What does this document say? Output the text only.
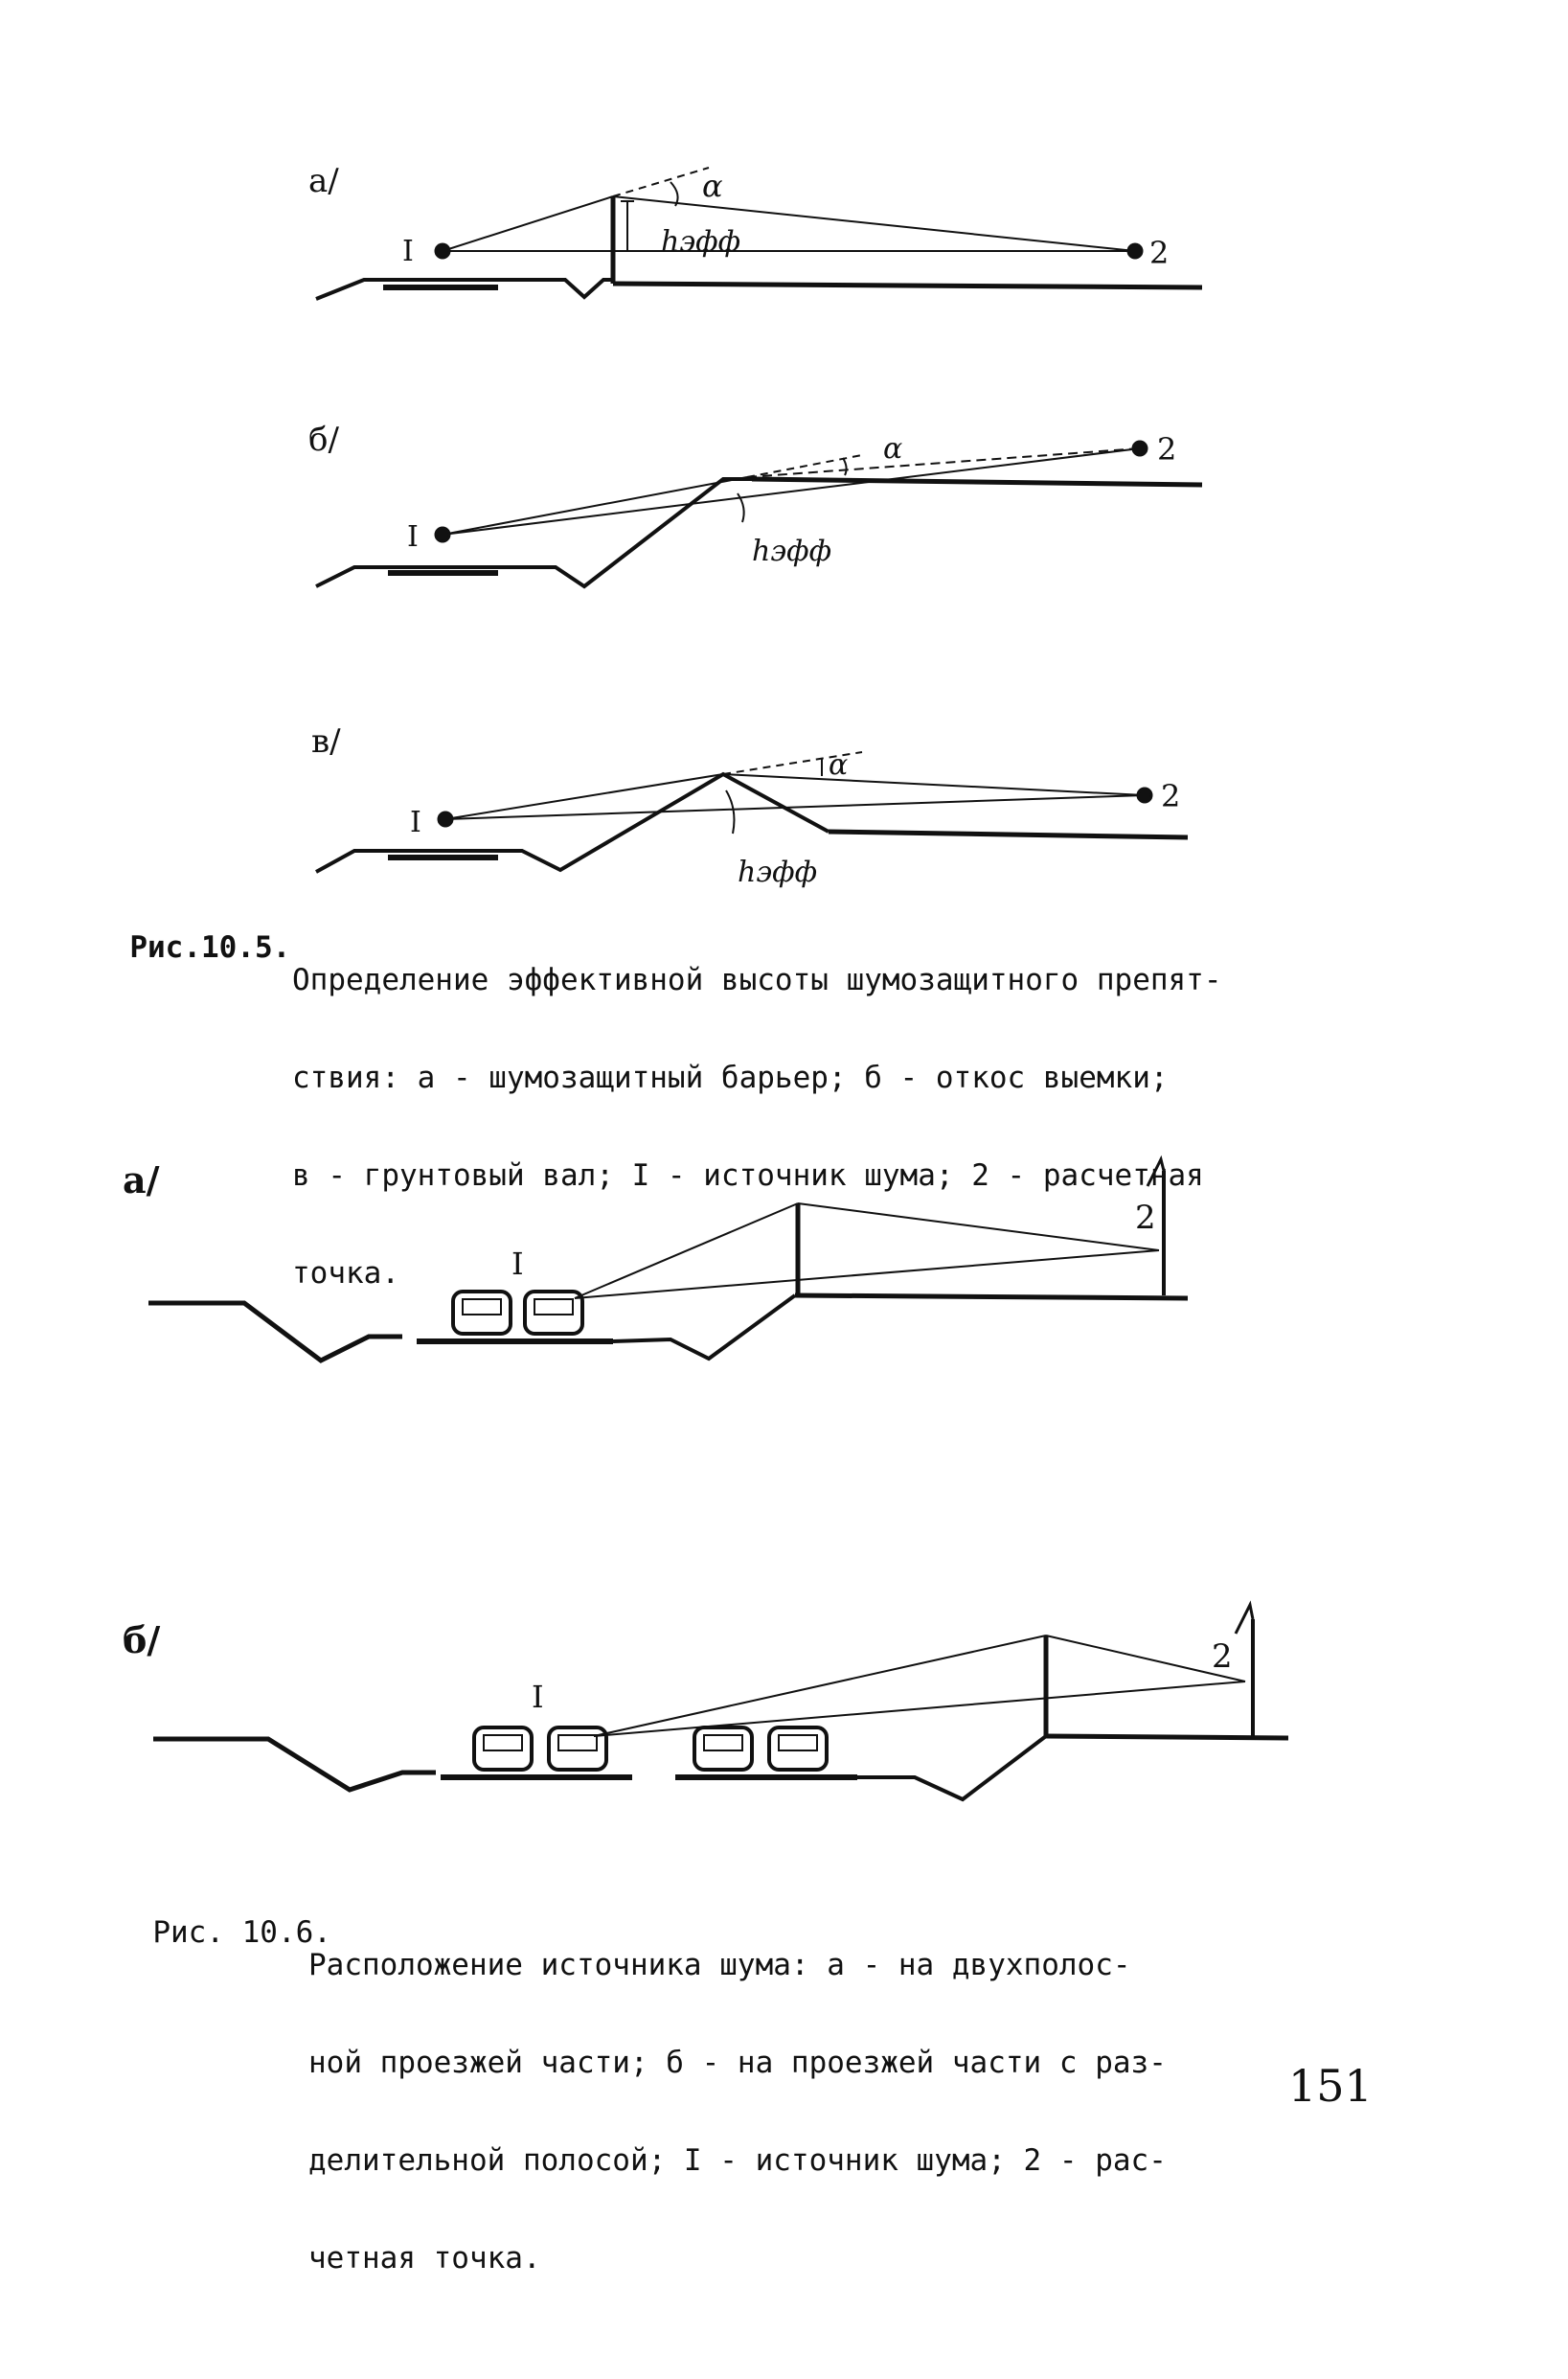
а/
I	2
α
hэфф
б/
I
2
α
hэфф
в/
I
2
α
hэфф
а/
I
2
б/
I
2

Рис.10.5.

Определение эффективной высоты шумозащитного препят-

ствия: а - шумозащитный барьер; б - откос выемки;

в - грунтовый вал; I - источник шума; 2 - расчетная

точка.

Рис. 10.6.

Расположение источника шума: а - на двухполос-

ной проезжей части; б - на проезжей части с раз-

делительной полосой; I - источник шума; 2 - рас-

четная точка.

151
